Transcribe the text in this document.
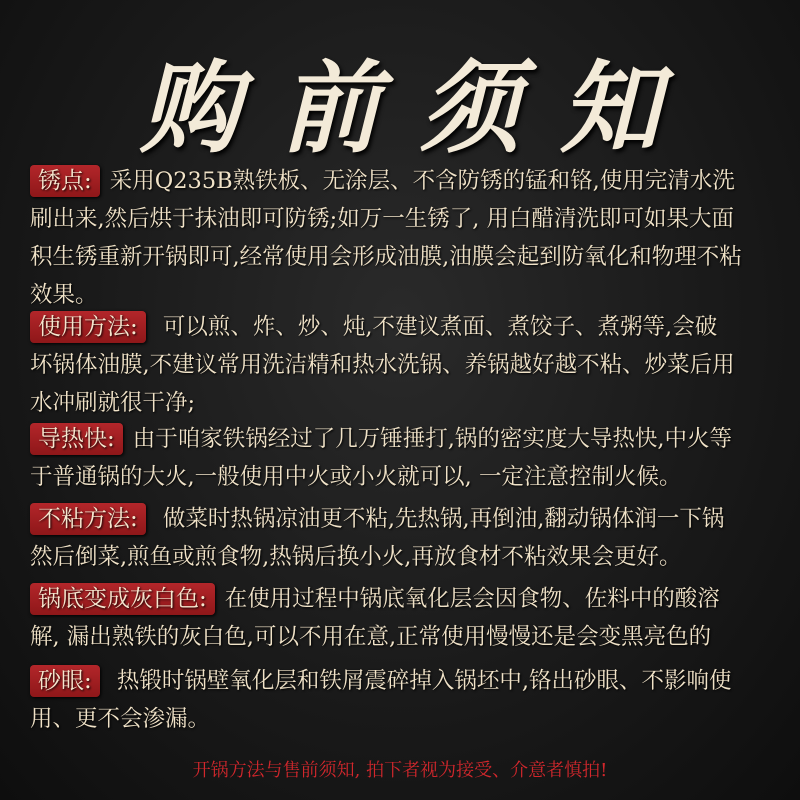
购前须知
锈点: 采用Q235B熟铁板、无涂层、不含防锈的锰和铬,使用完清水洗
刷出来,然后烘于抹油即可防锈;如万一生锈了, 用白醋清洗即可如果大面
积生锈重新开锅即可,经常使用会形成油膜,油膜会起到防氧化和物理不粘
效果。
使用方法: 可以煎、炸、炒、炖,不建议煮面、煮饺子、煮粥等,会破
坏锅体油膜,不建议常用洗洁精和热水洗锅、养锅越好越不粘、炒菜后用
水冲刷就很干净;
导热快: 由于咱家铁锅经过了几万锤捶打,锅的密实度大导热快,中火等
于普通锅的大火,一般使用中火或小火就可以, 一定注意控制火候。
不粘方法: 做菜时热锅凉油更不粘,先热锅,再倒油,翻动锅体润一下锅
然后倒菜,煎鱼或煎食物,热锅后换小火,再放食材不粘效果会更好。
锅底变成灰白色: 在使用过程中锅底氧化层会因食物、佐料中的酸溶
解, 漏出熟铁的灰白色,可以不用在意,正常使用慢慢还是会变黑亮色的
砂眼: 热锻时锅壁氧化层和铁屑震碎掉入锅坯中,铬出砂眼、不影响使
用、更不会渗漏。
开锅方法与售前须知, 拍下者视为接受、介意者慎拍!
